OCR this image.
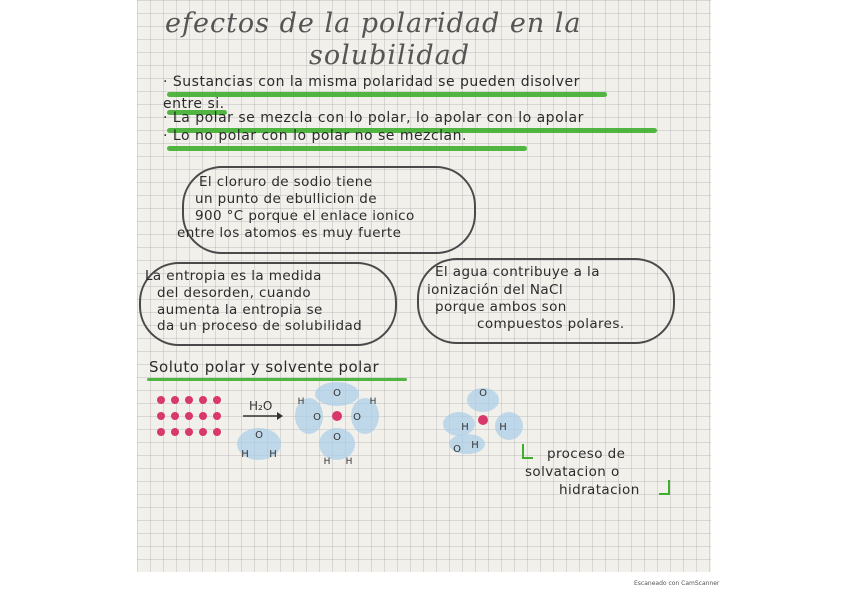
efectos de la polaridad en la
solubilidad
· Sustancias con la misma polaridad se pueden disolver
entre si.
· La polar se mezcla con lo polar, lo apolar con lo apolar
· Lo no polar con lo polar no se mezclan.
El cloruro de sodio tiene
un punto de ebullicion de
900 °C porque el enlace ionico
entre los atomos es muy fuerte
La entropia es la medida
del desorden, cuando
aumenta la entropia se
da un proceso de solubilidad
El agua contribuye a la
ionización del NaCl
porque ambos son
compuestos polares.
Soluto polar y solvente polar
H₂O
O
H H
O
O	O
O
H	H
H H
O
H	H
H
O	proceso de
solvatacion o
hidratacion
Escaneado con CamScanner
